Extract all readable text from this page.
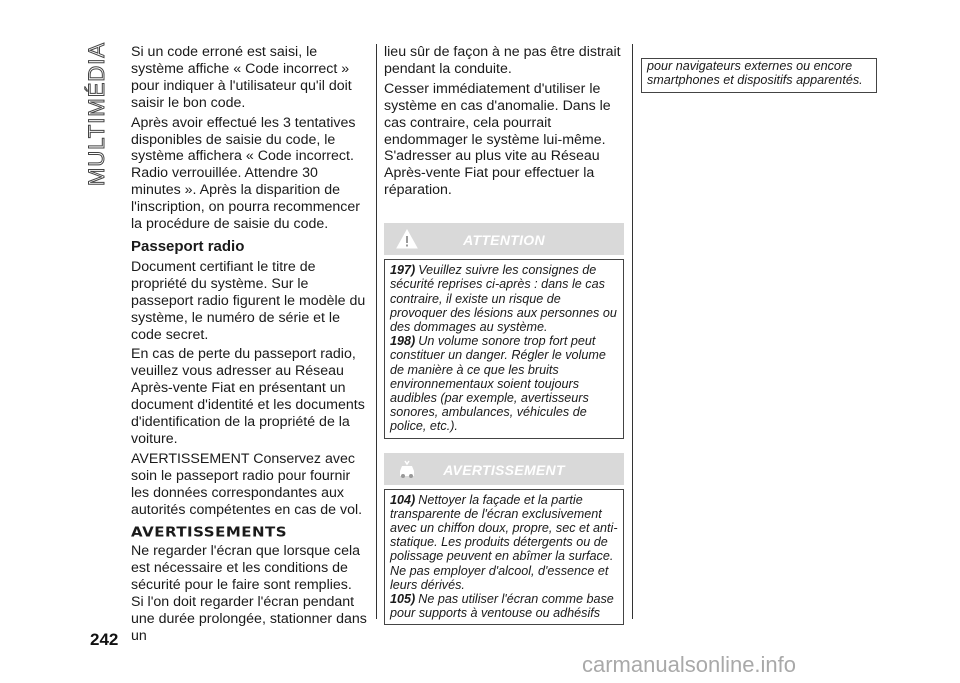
MULTIMÉDIA
242

Si un code erroné est saisi, le système affiche « Code incorrect » pour indiquer à l'utilisateur qu'il doit saisir le bon code.

Après avoir effectué les 3 tentatives disponibles de saisie du code, le système affichera « Code incorrect. Radio verrouillée. Attendre 30 minutes ». Après la disparition de l'inscription, on pourra recommencer la procédure de saisie du code.

Passeport radio

Document certifiant le titre de propriété du système. Sur le passeport radio figurent le modèle du système, le numéro de série et le code secret.

En cas de perte du passeport radio, veuillez vous adresser au Réseau Après-vente Fiat en présentant un document d'identité et les documents d'identification de la propriété de la voiture.

AVERTISSEMENT Conservez avec soin le passeport radio pour fournir les données correspondantes aux autorités compétentes en cas de vol.

AVERTISSEMENTS

Ne regarder l'écran que lorsque cela est nécessaire et les conditions de sécurité pour le faire sont remplies. Si l'on doit regarder l'écran pendant une durée prolongée, stationner dans un

lieu sûr de façon à ne pas être distrait pendant la conduite.

Cesser immédiatement d'utiliser le système en cas d'anomalie. Dans le cas contraire, cela pourrait endommager le système lui-même. S'adresser au plus vite au Réseau Après-vente Fiat pour effectuer la réparation.

ATTENTION

197) Veuillez suivre les consignes de sécurité reprises ci-après : dans le cas contraire, il existe un risque de provoquer des lésions aux personnes ou des dommages au système.

198) Un volume sonore trop fort peut constituer un danger. Régler le volume de manière à ce que les bruits environnementaux soient toujours audibles (par exemple, avertisseurs sonores, ambulances, véhicules de police, etc.).

AVERTISSEMENT

104) Nettoyer la façade et la partie transparente de l'écran exclusivement avec un chiffon doux, propre, sec et anti-statique. Les produits détergents ou de polissage peuvent en abîmer la surface. Ne pas employer d'alcool, d'essence et leurs dérivés.

105) Ne pas utiliser l'écran comme base pour supports à ventouse ou adhésifs

pour navigateurs externes ou encore smartphones et dispositifs apparentés.

carmanualsonline.info
